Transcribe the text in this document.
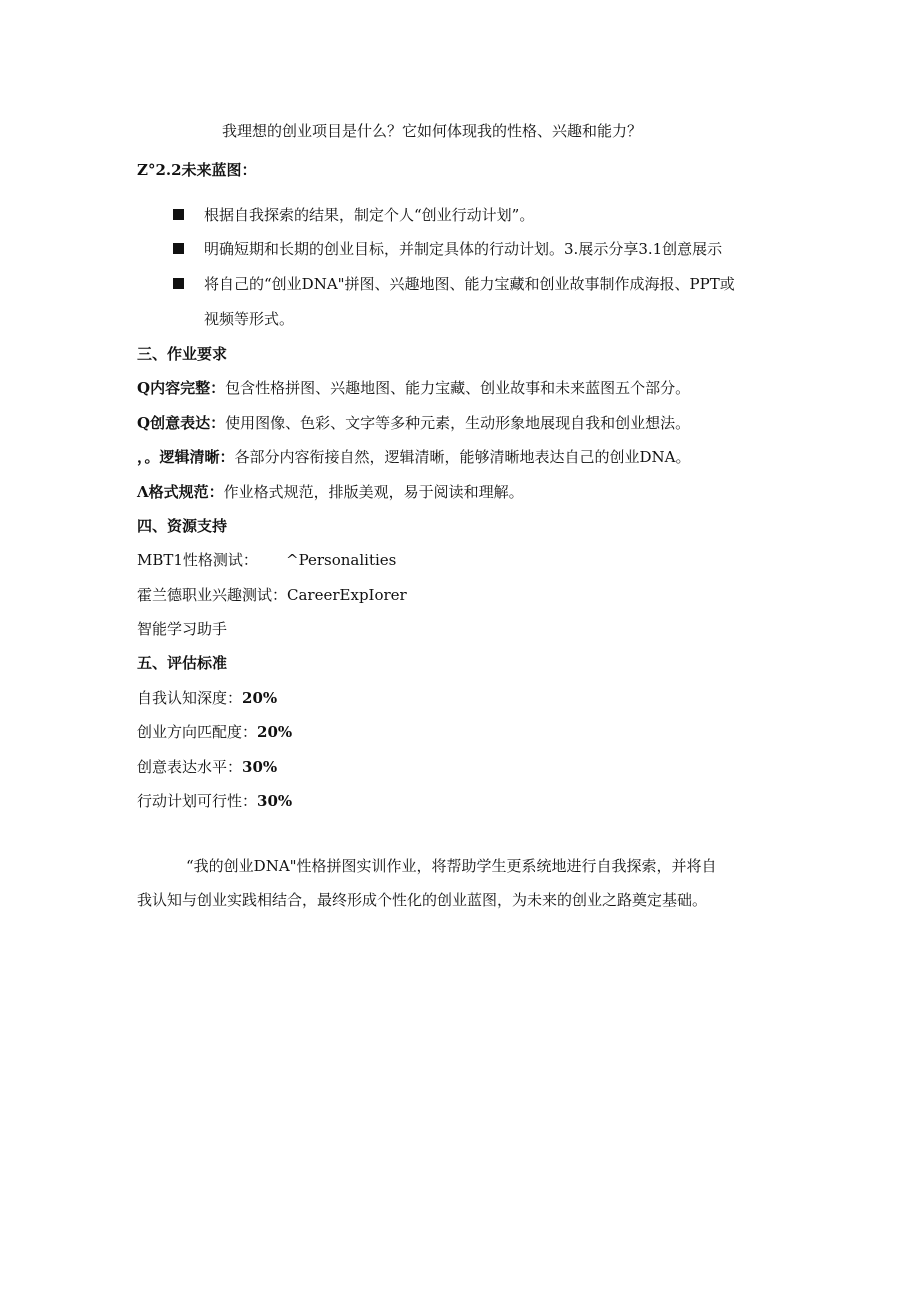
我理想的创业项目是什么？它如何体现我的性格、兴趣和能力？
Z°2.2未来蓝图：
根据自我探索的结果，制定个人“创业行动计划”。
明确短期和长期的创业目标，并制定具体的行动计划。3.展示分享3.1创意展示
将自己的“创业DNA"拼图、兴趣地图、能力宝藏和创业故事制作成海报、PPT或
视频等形式。
三、作业要求
Q内容完整：包含性格拼图、兴趣地图、能力宝藏、创业故事和未来蓝图五个部分。
Q创意表达：使用图像、色彩、文字等多种元素，生动形象地展现自我和创业想法。
，。逻辑清晰：各部分内容衔接自然，逻辑清晰，能够清晰地表达自己的创业DNA。
Λ格式规范：作业格式规范，排版美观，易于阅读和理解。
四、资源支持
MBT1性格测试： ^Personalities
霍兰德职业兴趣测试：CareerExpIorer
智能学习助手
五、评估标准
自我认知深度：20%
创业方向匹配度：20%
创意表达水平：30%
行动计划可行性：30%
“我的创业DNA"性格拼图实训作业，将帮助学生更系统地进行自我探索，并将自
我认知与创业实践相结合，最终形成个性化的创业蓝图，为未来的创业之路奠定基础。
